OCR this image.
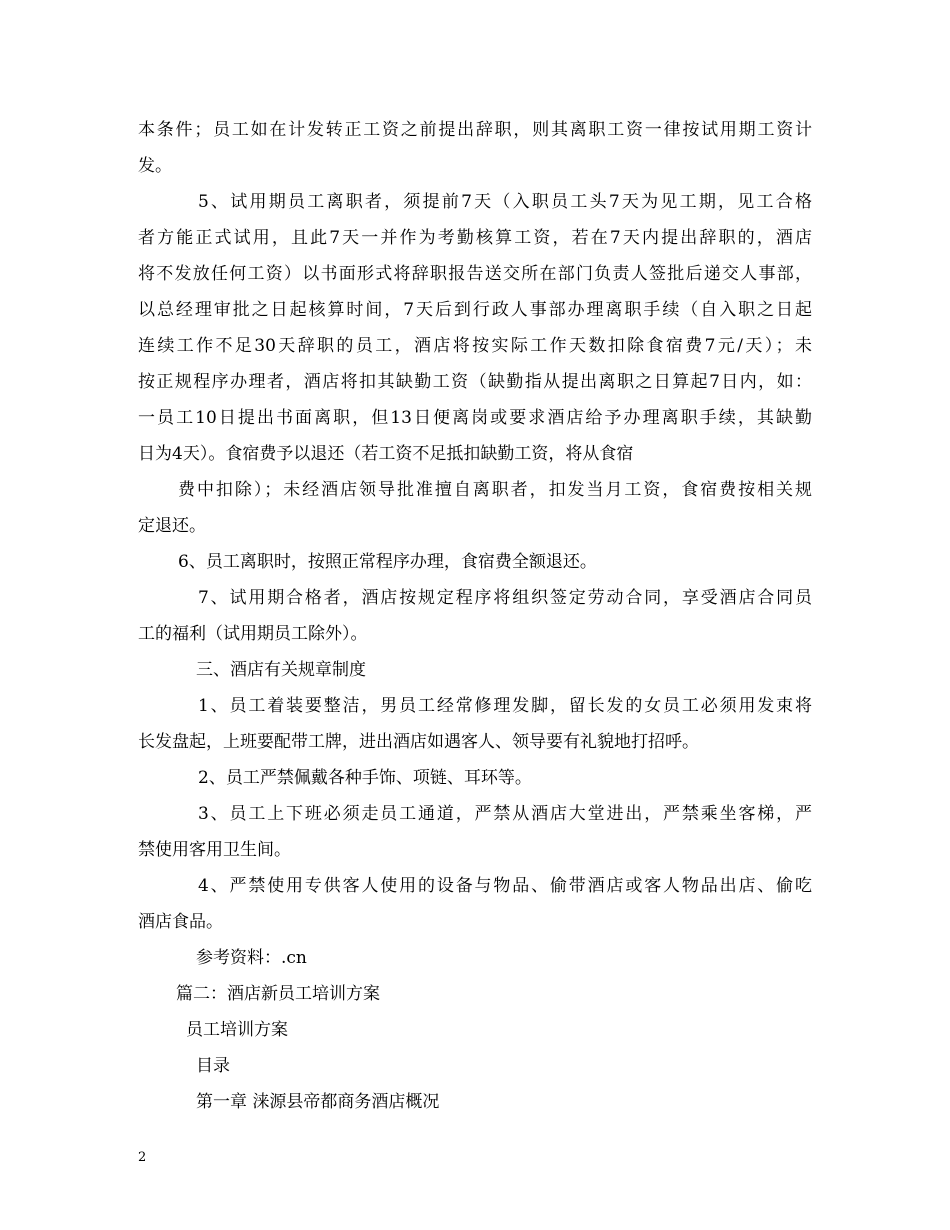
本条件；员工如在计发转正工资之前提出辞职，则其离职工资一律按试用期工资计
发。
5、试用期员工离职者，须提前7天（入职员工头7天为见工期，见工合格
者方能正式试用，且此7天一并作为考勤核算工资，若在7天内提出辞职的，酒店
将不发放任何工资）以书面形式将辞职报告送交所在部门负责人签批后递交人事部，
以总经理审批之日起核算时间，7天后到行政人事部办理离职手续（自入职之日起
连续工作不足30天辞职的员工，酒店将按实际工作天数扣除食宿费7元/天）；未
按正规程序办理者，酒店将扣其缺勤工资（缺勤指从提出离职之日算起7日内，如：
一员工10日提出书面离职，但13日便离岗或要求酒店给予办理离职手续，其缺勤
日为4天）。食宿费予以退还（若工资不足抵扣缺勤工资，将从食宿
费中扣除）；未经酒店领导批准擅自离职者，扣发当月工资，食宿费按相关规
定退还。
6、员工离职时，按照正常程序办理，食宿费全额退还。
7、试用期合格者，酒店按规定程序将组织签定劳动合同，享受酒店合同员
工的福利（试用期员工除外）。
三、酒店有关规章制度
1、员工着装要整洁，男员工经常修理发脚，留长发的女员工必须用发束将
长发盘起，上班要配带工牌，进出酒店如遇客人、领导要有礼貌地打招呼。
2、员工严禁佩戴各种手饰、项链、耳环等。
3、员工上下班必须走员工通道，严禁从酒店大堂进出，严禁乘坐客梯，严
禁使用客用卫生间。
4、严禁使用专供客人使用的设备与物品、偷带酒店或客人物品出店、偷吃
酒店食品。
参考资料：.cn
篇二：酒店新员工培训方案
员工培训方案
目录
第一章 涞源县帝都商务酒店概况
2
